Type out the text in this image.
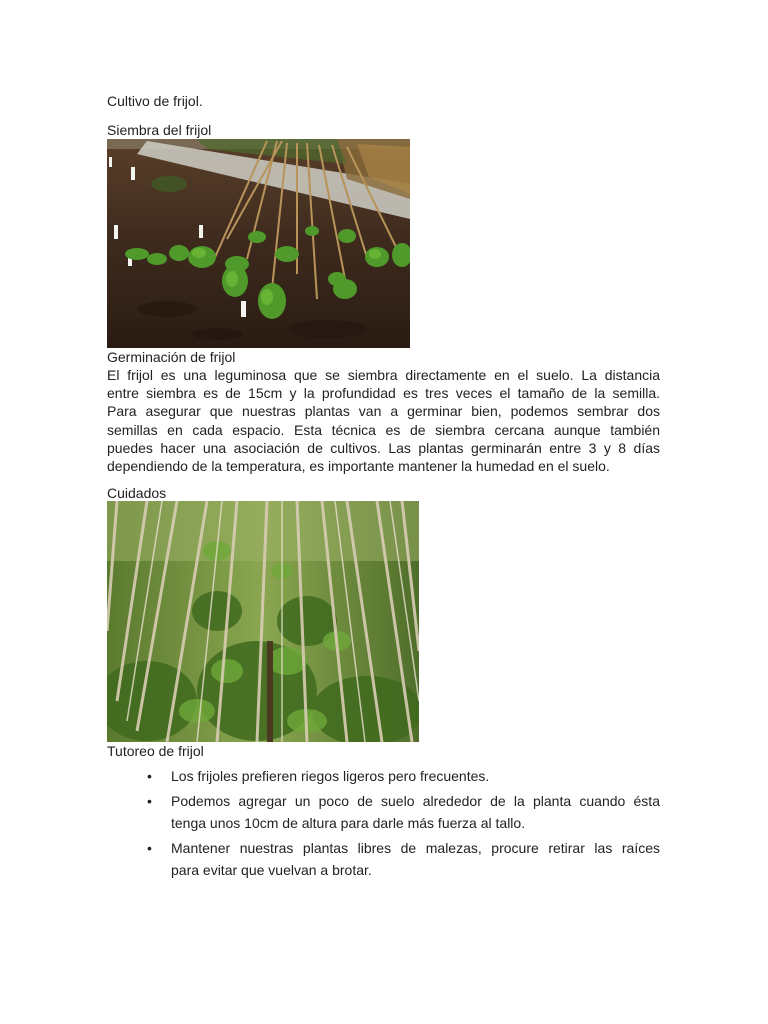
Cultivo de frijol.
Siembra del frijol
Germinación de frijol
El frijol es una leguminosa que se siembra directamente en el suelo. La distancia
entre siembra es de 15cm y la profundidad es tres veces el tamaño de la semilla.
Para asegurar que nuestras plantas van a germinar bien, podemos sembrar dos
semillas en cada espacio. Esta técnica es de siembra cercana aunque también
puedes hacer una asociación de cultivos. Las plantas germinarán entre 3 y 8 días
dependiendo de la temperatura, es importante mantener la humedad en el suelo.
Cuidados
Tutoreo de frijol
• Los frijoles prefieren riegos ligeros pero frecuentes.
• Podemos agregar un poco de suelo alrededor de la planta cuando ésta
tenga unos 10cm de altura para darle más fuerza al tallo.
• Mantener nuestras plantas libres de malezas, procure retirar las raíces
para evitar que vuelvan a brotar.
